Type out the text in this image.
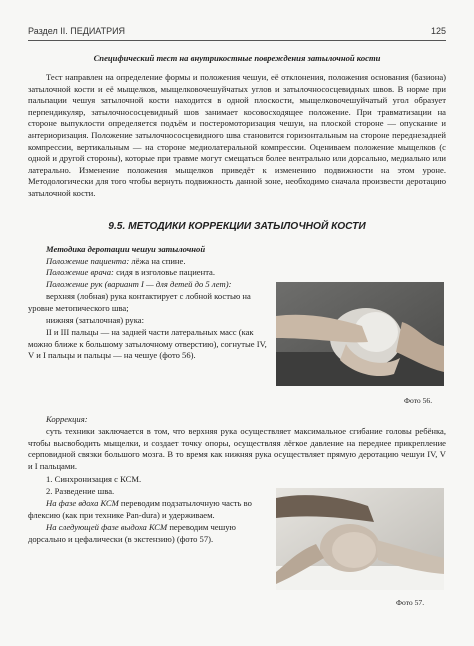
Раздел II. ПЕДИАТРИЯ	125

Специфический тест на внутрикостные повреждения затылочной кости

Тест направлен на определение формы и положения чешуи, её отклонения, положения основания (базиона) затылочной кости и её мыщелков, мыщелковочешуйчатых углов и затылочнососцевидных швов. В норме при пальпации чешуя затылочной кости находится в одной плоскости, мыщелковочешуйчатый угол образует перпендикуляр, затылочнососцевидный шов занимает косовосходящее положение. При травматизации на стороне выпуклости определяется подъём и постеромоторизация чешуи, на плоской стороне — опускание и антериоризация. Положение затылочнососцевидного шва становится горизонтальным на стороне переднезадней компрессии, вертикальным — на стороне медиолатеральной компрессии. Оцениваем положение мыщелков (с одной и другой стороны), которые при травме могут смещаться более вентрально или дорсально, медиально или латерально. Изменение положения мыщелков приведёт к изменению подвижности на этом уроне. Методологически для того чтобы вернуть подвижность данной зоне, необходимо сначала произвести деротацию затылочной кости.

9.5. МЕТОДИКИ КОРРЕКЦИИ ЗАТЫЛОЧНОЙ КОСТИ
Методика деротации чешуи затылочной
Положение пациента: лёжа на спине.
Положение врача: сидя в изголовье пациента.
Положение рук (вариант I — для детей до 5 лет):

верхняя (лобная) рука контактирует с лобной костью на уровне метопического шва;

нижняя (затылочная) рука:

II и III пальцы — на задней части латеральных масс (как можно ближе к большому затылочному отверстию), согнутые IV, V и I пальцы и пальцы — на чешуе (фото 56).

Фото 56.

Коррекция:

суть техники заключается в том, что верхняя рука осуществляет максимальное сгибание головы ребёнка, чтобы высвободить мыщелки, и создает точку опоры, осуществляя лёгкое давление на переднее прикрепление серповидной связки большого мозга. В то время как нижняя рука осуществляет прямую деротацию чешуи IV, V и I пальцами.

1. Синхронизация с КСМ.

2. Разведение шва.

На фазе вдоха КСМ переводим подзатылочную часть во флексию (как при технике Pan-dura) и удерживаем.

На следующей фазе выдоха КСМ переводим чешую дорсально и цефалически (в экстензию) (фото 57).

Фото 57.
